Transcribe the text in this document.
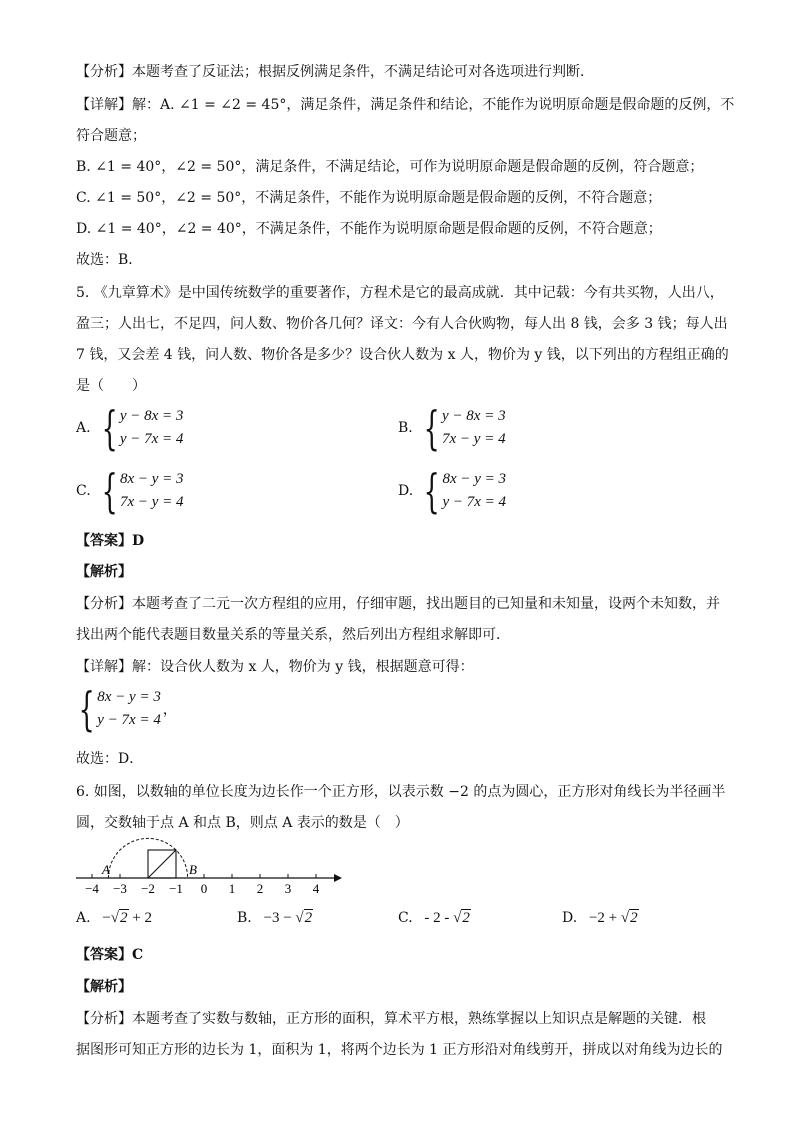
【分析】本题考查了反证法；根据反例满足条件，不满足结论可对各选项进行判断．
【详解】解：A. ∠1 = ∠2 = 45°，满足条件，满足条件和结论，不能作为说明原命题是假命题的反例，不
符合题意；
B. ∠1 = 40°，∠2 = 50°，满足条件，不满足结论，可作为说明原命题是假命题的反例，符合题意；
C. ∠1 = 50°，∠2 = 50°，不满足条件，不能作为说明原命题是假命题的反例，不符合题意；
D. ∠1 = 40°，∠2 = 40°，不满足条件，不能作为说明原命题是假命题的反例，不符合题意；
故选：B．
5. 《九章算术》是中国传统数学的重要著作，方程术是它的最高成就．其中记载：今有共买物，人出八，
盈三；人出七，不足四，问人数、物价各几何？译文：今有人合伙购物，每人出 8 钱，会多 3 钱；每人出
7 钱，又会差 4 钱，问人数、物价各是多少？设合伙人数为 x 人，物价为 y 钱，以下列出的方程组正确的
是（　　）
A. { y − 8x = 3
y − 7x = 4
B. { y − 8x = 3
7x − y = 4
C. { 8x − y = 3
7x − y = 4
D. { 8x − y = 3
y − 7x = 4
【答案】D
【解析】
【分析】本题考查了二元一次方程组的应用，仔细审题，找出题目的已知量和未知量，设两个未知数，并
找出两个能代表题目数量关系的等量关系，然后列出方程组求解即可．
【详解】解：设合伙人数为 x 人，物价为 y 钱，根据题意可得：
{ 8x − y = 3
y − 7x = 4
，
故选：D．
6. 如图，以数轴的单位长度为边长作一个正方形，以表示数 −2 的点为圆心，正方形对角线长为半径画半
圆，交数轴于点 A 和点 B，则点 A 表示的数是（　）
A	B
−4 −3 −2 −1 0 1 2 3 4
A. −√2 + 2	B. −3 − √2	C. - 2 - √2	D. −2 + √2
【答案】C
【解析】
【分析】本题考查了实数与数轴，正方形的面积，算术平方根，熟练掌握以上知识点是解题的关键．根
据图形可知正方形的边长为 1，面积为 1，将两个边长为 1 正方形沿对角线剪开，拼成以对角线为边长的
